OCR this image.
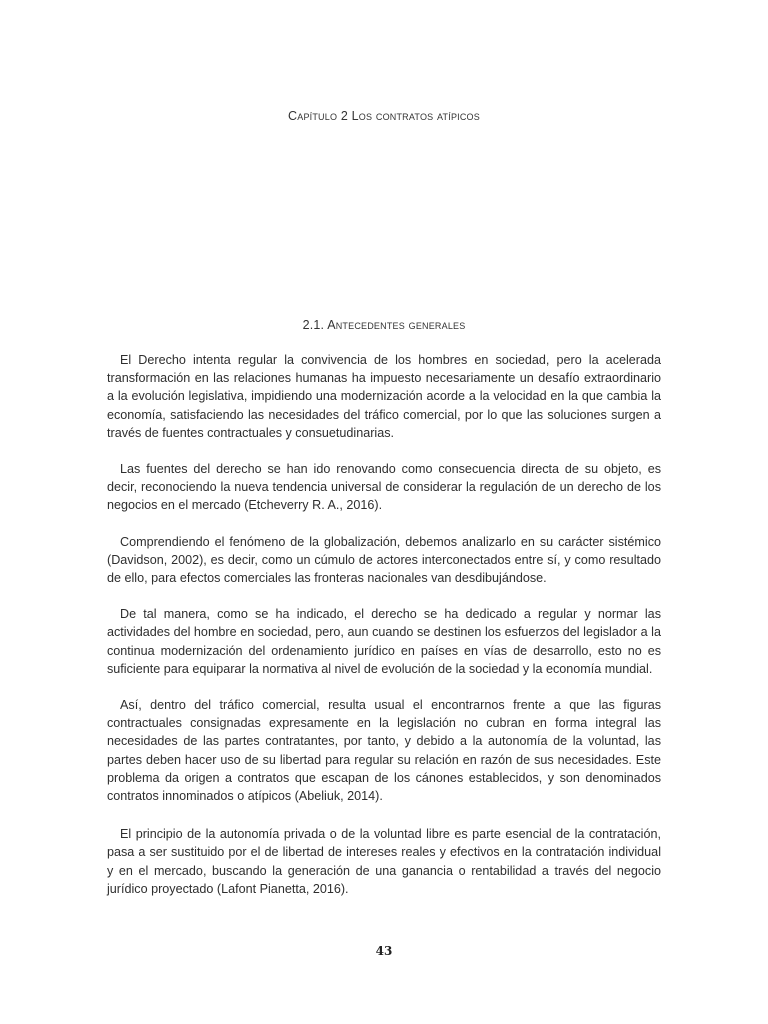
Capítulo 2 Los contratos atípicos
2.1. Antecedentes generales

El Derecho intenta regular la convivencia de los hombres en sociedad, pero la acelerada transformación en las relaciones humanas ha impuesto necesariamente un desafío extraordinario a la evolución legislativa, impidiendo una modernización acorde a la velocidad en la que cambia la economía, satisfaciendo las necesidades del tráfico comercial, por lo que las soluciones surgen a través de fuentes contractuales y consuetudinarias.

Las fuentes del derecho se han ido renovando como consecuencia directa de su objeto, es decir, reconociendo la nueva tendencia universal de considerar la regulación de un derecho de los negocios en el mercado (Etcheverry R. A., 2016).

Comprendiendo el fenómeno de la globalización, debemos analizarlo en su carácter sistémico (Davidson, 2002), es decir, como un cúmulo de actores interconectados entre sí, y como resultado de ello, para efectos comerciales las fronteras nacionales van desdibujándose.

De tal manera, como se ha indicado, el derecho se ha dedicado a regular y normar las actividades del hombre en sociedad, pero, aun cuando se destinen los esfuerzos del legislador a la continua modernización del ordenamiento jurídico en países en vías de desarrollo, esto no es suficiente para equiparar la normativa al nivel de evolución de la sociedad y la economía mundial.

Así, dentro del tráfico comercial, resulta usual el encontrarnos frente a que las figuras contractuales consignadas expresamente en la legislación no cubran en forma integral las necesidades de las partes contratantes, por tanto, y debido a la autonomía de la voluntad, las partes deben hacer uso de su libertad para regular su relación en razón de sus necesidades. Este problema da origen a contratos que escapan de los cánones establecidos, y son denominados contratos innominados o atípicos (Abeliuk, 2014).

El principio de la autonomía privada o de la voluntad libre es parte esencial de la contratación, pasa a ser sustituido por el de libertad de intereses reales y efectivos en la contratación individual y en el mercado, buscando la generación de una ganancia o rentabilidad a través del negocio jurídico proyectado (Lafont Pianetta, 2016).

43
